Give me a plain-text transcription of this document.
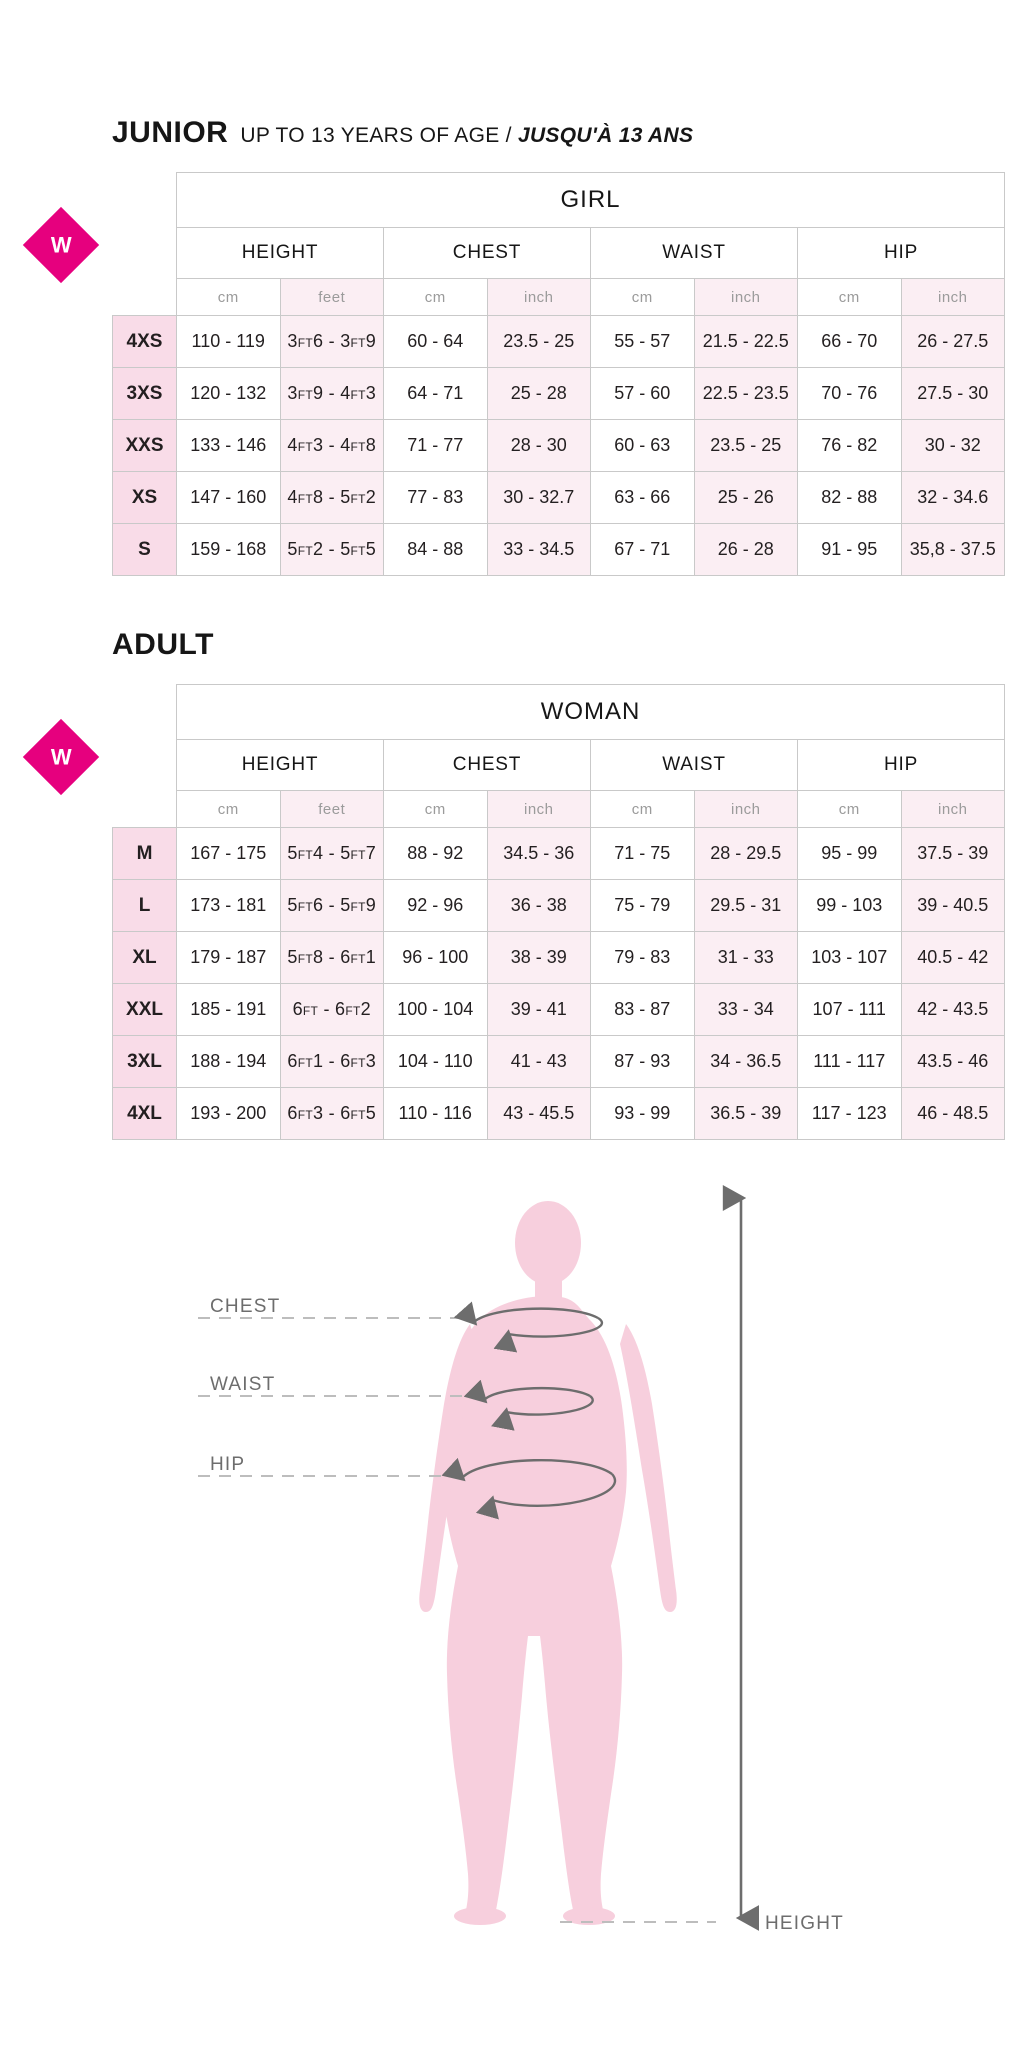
JUNIOR UP TO 13 YEARS OF AGE / JUSQU'À 13 ANS
W
	GIRL							
	HEIGHT		CHEST		WAIST		HIP	
	cm	feet	cm	inch	cm	inch	cm	inch
4XS	110 - 119	3FT6 - 3FT9	60 - 64	23.5 - 25	55 - 57	21.5 - 22.5	66 - 70	26 - 27.5
3XS	120 - 132	3FT9 - 4FT3	64 - 71	25 - 28	57 - 60	22.5 - 23.5	70 - 76	27.5 - 30
XXS	133 - 146	4FT3 - 4FT8	71 - 77	28 - 30	60 - 63	23.5 - 25	76 - 82	30 - 32
XS	147 - 160	4FT8 - 5FT2	77 - 83	30 - 32.7	63 - 66	25 - 26	82 - 88	32 - 34.6
S	159 - 168	5FT2 - 5FT5	84 - 88	33 - 34.5	67 - 71	26 - 28	91 - 95	35,8 - 37.5
ADULT
W
	WOMAN							
	HEIGHT		CHEST		WAIST		HIP	
	cm	feet	cm	inch	cm	inch	cm	inch
M	167 - 175	5FT4 - 5FT7	88 - 92	34.5 - 36	71 - 75	28 - 29.5	95 - 99	37.5 - 39
L	173 - 181	5FT6 - 5FT9	92 - 96	36 - 38	75 - 79	29.5 - 31	99 - 103	39 - 40.5
XL	179 - 187	5FT8 - 6FT1	96 - 100	38 - 39	79 - 83	31 - 33	103 - 107	40.5 - 42
XXL	185 - 191	6FT - 6FT2	100 - 104	39 - 41	83 - 87	33 - 34	107 - 111	42 - 43.5
3XL	188 - 194	6FT1 - 6FT3	104 - 110	41 - 43	87 - 93	34 - 36.5	111 - 117	43.5 - 46
4XL	193 - 200	6FT3 - 6FT5	110 - 116	43 - 45.5	93 - 99	36.5 - 39	117 - 123	46 - 48.5
CHEST
WAIST
HIP
HEIGHT
